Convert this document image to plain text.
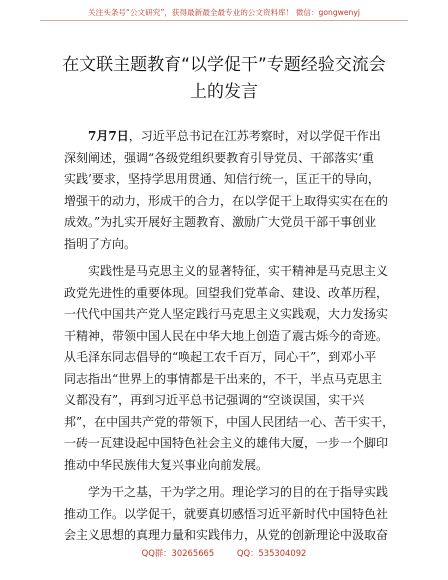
关注头条号“公文研究”，获得最新最全最专业的公文资料库！ 微信：gongwenyj
在文联主题教育“以学促干”专题经验交流会
上的发言

7月7日，习近平总书记在江苏考察时，对以学促干作出
深刻阐述，强调“各级党组织要教育引导党员、干部落实‘重
实践’要求，坚持学思用贯通、知信行统一，匡正干的导向，
增强干的动力，形成干的合力，在以学促干上取得实实在在的
成效。”为扎实开展好主题教育、激励广大党员干部干事创业
指明了方向。

实践性是马克思主义的显著特征，实干精神是马克思主义
政党先进性的重要体现。回望我们党革命、建设、改革历程，
一代代中国共产党人坚定践行马克思主义实践观，大力发扬实
干精神，带领中国人民在中华大地上创造了震古烁今的奇迹。
从毛泽东同志倡导的“唤起工农千百万，同心干”，到邓小平
同志指出“世界上的事情都是干出来的，不干，半点马克思主
义都没有”，再到习近平总书记强调的“空谈误国，实干兴
邦”，在中国共产党的带领下，中国人民团结一心、苦干实干，
一砖一瓦建设起中国特色社会主义的雄伟大厦，一步一个脚印
推动中华民族伟大复兴事业向前发展。

学为干之基，干为学之用。理论学习的目的在于指导实践
推动工作。以学促干，就要真切感悟习近平新时代中国特色社
会主义思想的真理力量和实践伟力，从党的创新理论中汲取奋

QQ群：30265665	QQ：535304092
